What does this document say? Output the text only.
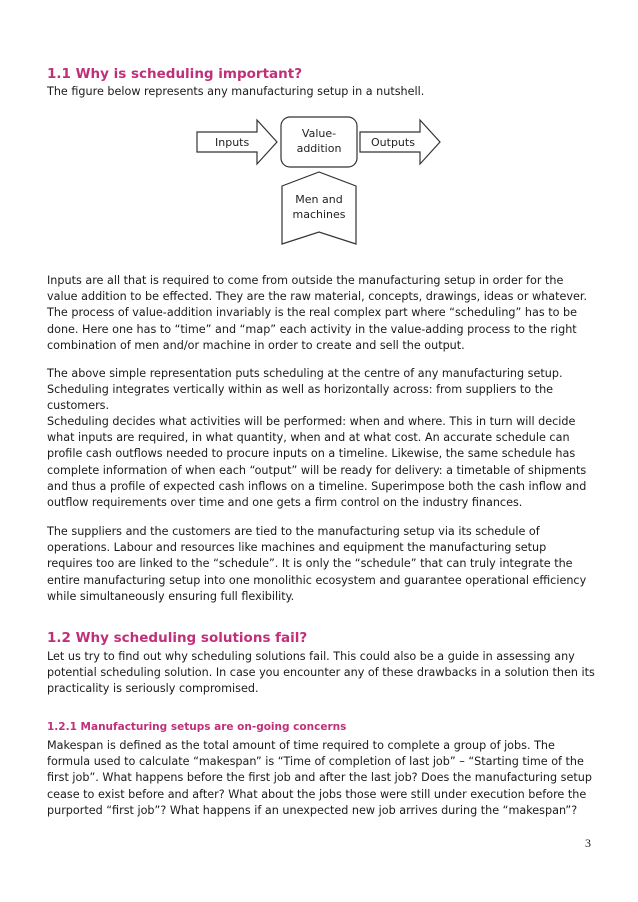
1.1 Why is scheduling important?

The figure below represents any manufacturing setup in a nutshell.

Inputs
Value-
addition	Outputs
Men and
machines

Inputs are all that is required to come from outside the manufacturing setup in order for the value addition to be effected. They are the raw material, concepts, drawings, ideas or whatever. The process of value-addition invariably is the real complex part where “scheduling” has to be done. Here one has to “time” and “map” each activity in the value-adding process to the right combination of men and/or machine in order to create and sell the output.

The above simple representation puts scheduling at the centre of any manufacturing setup. Scheduling integrates vertically within as well as horizontally across: from suppliers to the customers.

Scheduling decides what activities will be performed: when and where. This in turn will decide what inputs are required, in what quantity, when and at what cost. An accurate schedule can profile cash outflows needed to procure inputs on a timeline. Likewise, the same schedule has complete information of when each “output” will be ready for delivery: a timetable of shipments and thus a profile of expected cash inflows on a timeline. Superimpose both the cash inflow and outflow requirements over time and one gets a firm control on the industry finances.

The suppliers and the customers are tied to the manufacturing setup via its schedule of operations. Labour and resources like machines and equipment the manufacturing setup requires too are linked to the “schedule”. It is only the “schedule” that can truly integrate the entire manufacturing setup into one monolithic ecosystem and guarantee operational efficiency while simultaneously ensuring full flexibility.

1.2 Why scheduling solutions fail?

Let us try to find out why scheduling solutions fail. This could also be a guide in assessing any potential scheduling solution. In case you encounter any of these drawbacks in a solution then its practicality is seriously compromised.

1.2.1 Manufacturing setups are on-going concerns

Makespan is defined as the total amount of time required to complete a group of jobs. The formula used to calculate “makespan” is “Time of completion of last job” – “Starting time of the first job”. What happens before the first job and after the last job? Does the manufacturing setup cease to exist before and after? What about the jobs those were still under execution before the purported “first job”? What happens if an unexpected new job arrives during the “makespan”?

3
